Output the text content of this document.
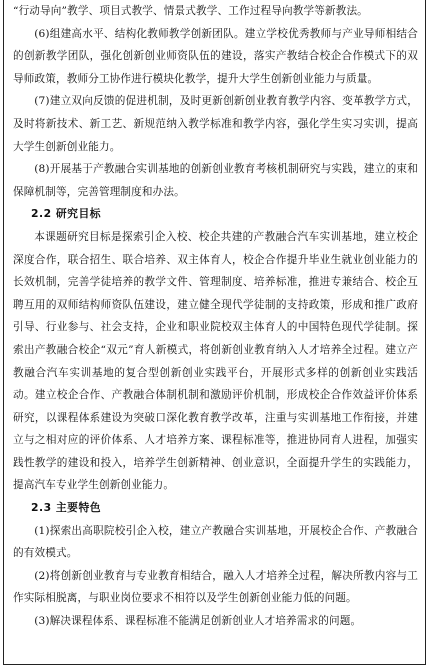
“行动导向”教学、项目式教学、情景式教学、工作过程导向教学等新教法。

(6)组建高水平、结构化教师教学创新团队。建立学校优秀教师与产业导师相结合的创新教学团队，强化创新创业师资队伍的建设，落实产教结合校企合作模式下的双导师政策，教师分工协作进行模块化教学，提升大学生创新创业能力与质量。

(7)建立双向反馈的促进机制，及时更新创新创业教育教学内容、变革教学方式，及时将新技术、新工艺、新规范纳入教学标准和教学内容，强化学生实习实训，提高大学生创新创业能力。

(8)开展基于产教融合实训基地的创新创业教育考核机制研究与实践，建立的束和保障机制等，完善管理制度和办法。

2.2 研究目标

本课题研究目标是探索引企入校、校企共建的产教融合汽车实训基地，建立校企深度合作，联合招生、联合培养、双主体育人，校企合作提升毕业生就业创业能力的长效机制，完善学徒培养的教学文件、管理制度、培养标准，推进专兼结合、校企互聘互用的双师结构师资队伍建设，建立健全现代学徒制的支持政策，形成和推广政府引导、行业参与、社会支持，企业和职业院校双主体育人的中国特色现代学徒制。探索出产教融合校企“双元”育人新模式，将创新创业教育纳入人才培养全过程。建立产教融合汽车实训基地的复合型创新创业实践平台，开展形式多样的创新创业实践活动。建立校企合作、产教融合体制机制和激励评价机制，形成校企合作效益评价体系研究，以课程体系建设为突破口深化教育教学改革，注重与实训基地工作衔接，并建立与之相对应的评价体系、人才培养方案、课程标准等，推进协同育人进程，加强实践性教学的建设和投入，培养学生创新精神、创业意识，全面提升学生的实践能力，提高汽车专业学生创新创业能力。

2.3 主要特色

(1)探索出高职院校引企入校，建立产教融合实训基地，开展校企合作、产教融合的有效模式。

(2)将创新创业教育与专业教育相结合，融入人才培养全过程，解决所教内容与工作实际相脱离，与职业岗位要求不相符以及学生创新创业能力低的问题。

(3)解决课程体系、课程标准不能满足创新创业人才培养需求的问题。
